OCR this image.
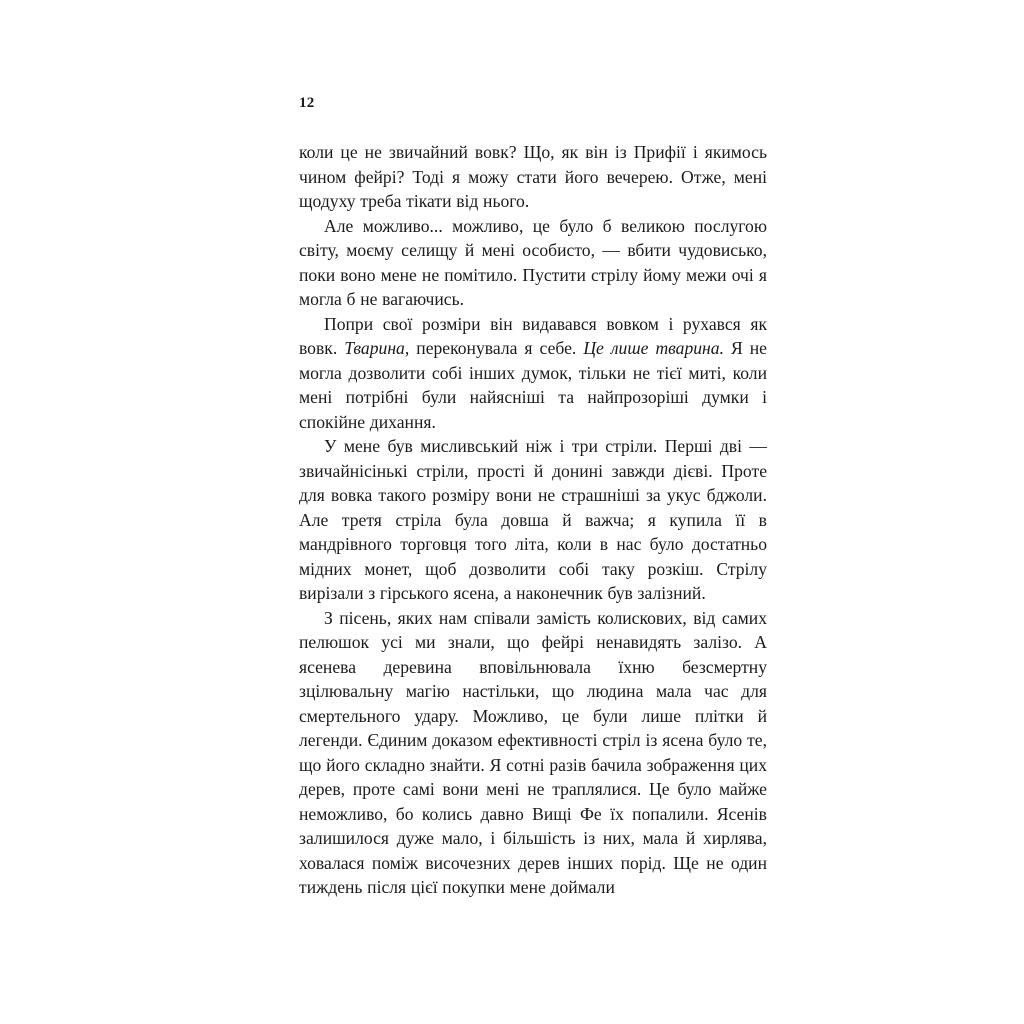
12

коли це не звичайний вовк? Що, як він із Прифії і якимось чином фейрі? Тоді я можу стати його вечерею. Отже, мені щодуху треба тікати від нього.

Але можливо... можливо, це було б великою послугою світу, моєму селищу й мені особисто, — вбити чудовисько, поки воно мене не помітило. Пустити стрілу йому межи очі я могла б не вагаючись.

Попри свої розміри він видавався вовком і рухався як вовк. Тварина, переконувала я себе. Це лише тварина. Я не могла дозволити собі інших думок, тільки не тієї миті, коли мені потрібні були найясніші та найпрозоріші думки і спокійне дихання.

У мене був мисливський ніж і три стріли. Перші дві — звичайнісінькі стріли, прості й донині завжди дієві. Проте для вовка такого розміру вони не страшніші за укус бджоли. Але третя стріла була довша й важча; я купила її в мандрівного торговця того літа, коли в нас було достатньо мідних монет, щоб дозволити собі таку розкіш. Стрілу вирізали з гірського ясена, а наконечник був залізний.

З пісень, яких нам співали замість колискових, від самих пелюшок усі ми знали, що фейрі ненавидять залізо. А ясенева деревина вповільнювала їхню безсмертну зцілювальну магію настільки, що людина мала час для смертельного удару. Можливо, це були лише плітки й легенди. Єдиним доказом ефективності стріл із ясена було те, що його складно знайти. Я сотні разів бачила зображення цих дерев, проте самі вони мені не траплялися. Це було майже неможливо, бо колись давно Вищі Фе їх попалили. Ясенів залишилося дуже мало, і більшість із них, мала й хирлява, ховалася поміж височезних дерев інших порід. Ще не один тиждень після цієї покупки мене доймали
